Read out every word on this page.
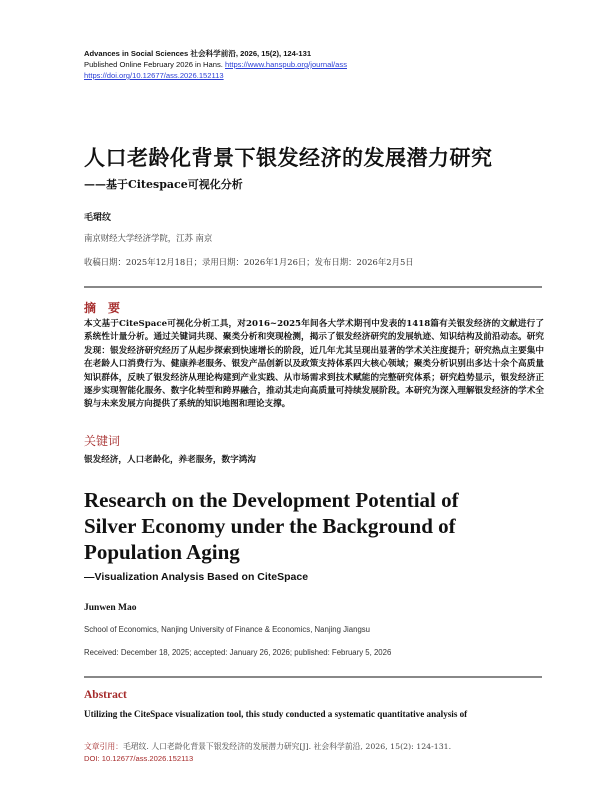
Advances in Social Sciences 社会科学前沿, 2026, 15(2), 124-131
Published Online February 2026 in Hans. https://www.hanspub.org/journal/ass
https://doi.org/10.12677/ass.2026.152113
人口老龄化背景下银发经济的发展潜力研究
——基于Citespace可视化分析
毛珺纹
南京财经大学经济学院，江苏 南京
收稿日期：2025年12月18日；录用日期：2026年1月26日；发布日期：2026年2月5日
摘　要
本文基于CiteSpace可视化分析工具，对2016~2025年间各大学术期刊中发表的1418篇有关银发经济的文献进行了系统性计量分析。通过关键词共现、聚类分析和突现检测，揭示了银发经济研究的发展轨迹、知识结构及前沿动态。研究发现：银发经济研究经历了从起步探索到快速增长的阶段，近几年尤其呈现出显著的学术关注度提升；研究热点主要集中在老龄人口消费行为、健康养老服务、银发产品创新以及政策支持体系四大核心领域；聚类分析识别出多达十余个高质量知识群体，反映了银发经济从理论构建到产业实践、从市场需求到技术赋能的完整研究体系；研究趋势显示，银发经济正逐步实现智能化服务、数字化转型和跨界融合，推动其走向高质量可持续发展阶段。本研究为深入理解银发经济的学术全貌与未来发展方向提供了系统的知识地图和理论支撑。
关键词
银发经济，人口老龄化，养老服务，数字鸿沟
Research on the Development Potential of
Silver Economy under the Background of
Population Aging
—Visualization Analysis Based on CiteSpace
Junwen Mao
School of Economics, Nanjing University of Finance & Economics, Nanjing Jiangsu
Received: December 18, 2025; accepted: January 26, 2026; published: February 5, 2026
Abstract
Utilizing the CiteSpace visualization tool, this study conducted a systematic quantitative analysis of
文章引用：毛珺纹. 人口老龄化背景下银发经济的发展潜力研究[J]. 社会科学前沿, 2026, 15(2): 124-131.
DOI: 10.12677/ass.2026.152113
